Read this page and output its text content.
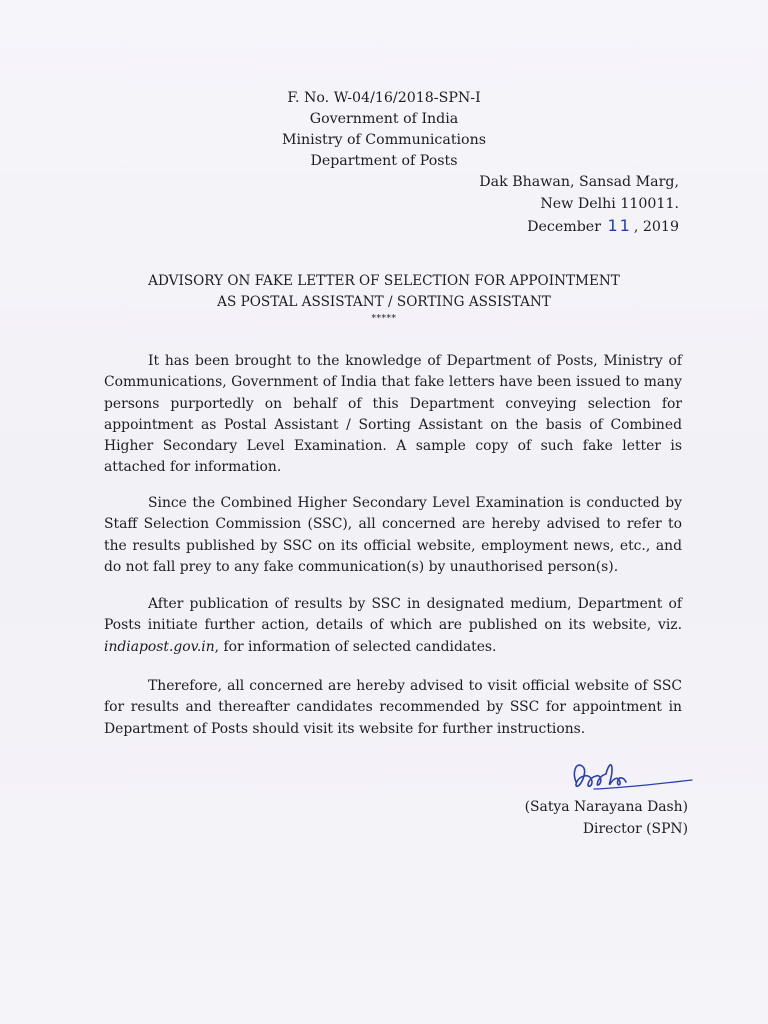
F. No. W-04/16/2018-SPN-I
Government of India
Ministry of Communications
Department of Posts
Dak Bhawan, Sansad Marg,
New Delhi 110011.
December 11 , 2019
ADVISORY ON FAKE LETTER OF SELECTION FOR APPOINTMENT
AS POSTAL ASSISTANT / SORTING ASSISTANT
*****

It has been brought to the knowledge of Department of Posts, Ministry of Communications, Government of India that fake letters have been issued to many persons purportedly on behalf of this Department conveying selection for appointment as Postal Assistant / Sorting Assistant on the basis of Combined Higher Secondary Level Examination. A sample copy of such fake letter is attached for information.

Since the Combined Higher Secondary Level Examination is conducted by Staff Selection Commission (SSC), all concerned are hereby advised to refer to the results published by SSC on its official website, employment news, etc., and do not fall prey to any fake communication(s) by unauthorised person(s).

After publication of results by SSC in designated medium, Department of Posts initiate further action, details of which are published on its website, viz. indiapost.gov.in, for information of selected candidates.

Therefore, all concerned are hereby advised to visit official website of SSC for results and thereafter candidates recommended by SSC for appointment in Department of Posts should visit its website for further instructions.

(Satya Narayana Dash)
Director (SPN)
